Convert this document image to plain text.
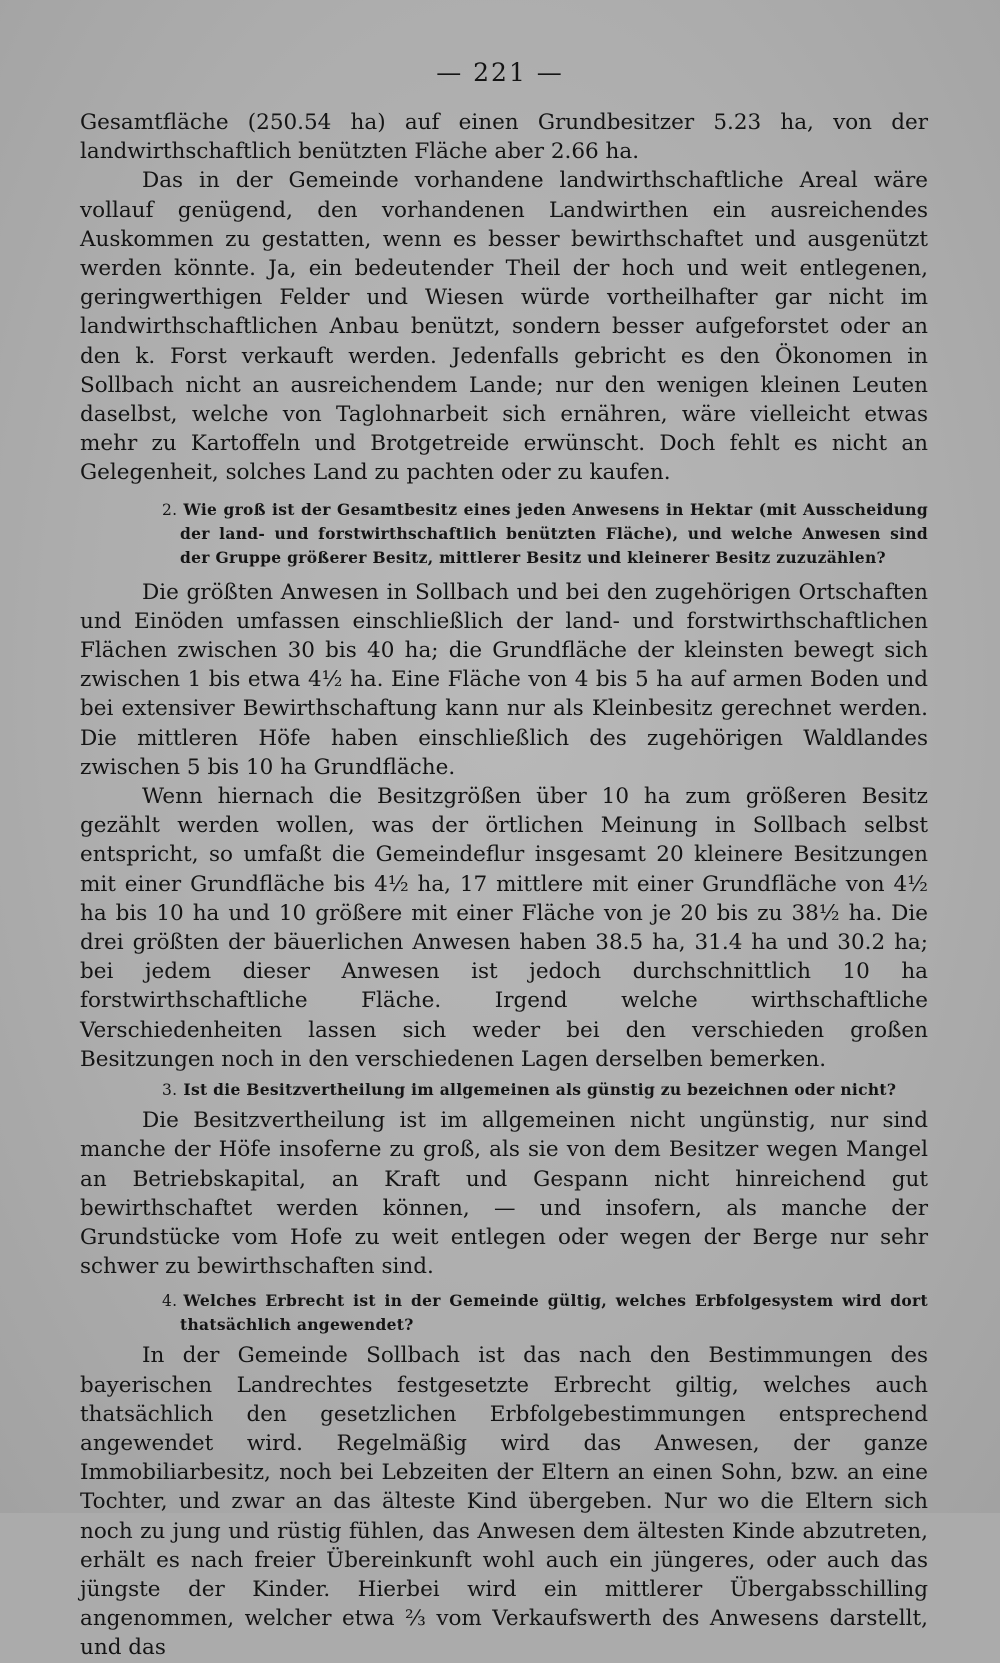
— 221 —

Gesamtfläche (250.54 ha) auf einen Grundbesitzer 5.23 ha, von der landwirthschaftlich benützten Fläche aber 2.66 ha.

Das in der Gemeinde vorhandene landwirthschaftliche Areal wäre vollauf genügend, den vorhandenen Landwirthen ein ausreichendes Auskommen zu gestatten, wenn es besser bewirthschaftet und ausgenützt werden könnte. Ja, ein bedeutender Theil der hoch und weit entlegenen, geringwerthigen Felder und Wiesen würde vortheilhafter gar nicht im landwirthschaftlichen Anbau benützt, sondern besser aufgeforstet oder an den k. Forst verkauft werden. Jedenfalls gebricht es den Ökonomen in Sollbach nicht an ausreichendem Lande; nur den wenigen kleinen Leuten daselbst, welche von Taglohnarbeit sich ernähren, wäre vielleicht etwas mehr zu Kartoffeln und Brotgetreide erwünscht. Doch fehlt es nicht an Gelegenheit, solches Land zu pachten oder zu kaufen.

2. Wie groß ist der Gesamtbesitz eines jeden Anwesens in Hektar (mit Ausscheidung der land- und forstwirthschaftlich benützten Fläche), und welche Anwesen sind der Gruppe größerer Besitz, mittlerer Besitz und kleinerer Besitz zuzuzählen?

Die größten Anwesen in Sollbach und bei den zugehörigen Ortschaften und Einöden umfassen einschließlich der land- und forstwirthschaftlichen Flächen zwischen 30 bis 40 ha; die Grundfläche der kleinsten bewegt sich zwischen 1 bis etwa 4½ ha. Eine Fläche von 4 bis 5 ha auf armen Boden und bei extensiver Bewirthschaftung kann nur als Kleinbesitz gerechnet werden. Die mittleren Höfe haben einschließlich des zugehörigen Waldlandes zwischen 5 bis 10 ha Grundfläche.

Wenn hiernach die Besitzgrößen über 10 ha zum größeren Besitz gezählt werden wollen, was der örtlichen Meinung in Sollbach selbst entspricht, so umfaßt die Gemeindeflur insgesamt 20 kleinere Besitzungen mit einer Grundfläche bis 4½ ha, 17 mittlere mit einer Grundfläche von 4½ ha bis 10 ha und 10 größere mit einer Fläche von je 20 bis zu 38½ ha. Die drei größten der bäuerlichen Anwesen haben 38.5 ha, 31.4 ha und 30.2 ha; bei jedem dieser Anwesen ist jedoch durchschnittlich 10 ha forstwirthschaftliche Fläche. Irgend welche wirthschaftliche Verschiedenheiten lassen sich weder bei den verschieden großen Besitzungen noch in den verschiedenen Lagen derselben bemerken.

3. Ist die Besitzvertheilung im allgemeinen als günstig zu bezeichnen oder nicht?

Die Besitzvertheilung ist im allgemeinen nicht ungünstig, nur sind manche der Höfe insoferne zu groß, als sie von dem Besitzer wegen Mangel an Betriebskapital, an Kraft und Gespann nicht hinreichend gut bewirthschaftet werden können, — und insofern, als manche der Grundstücke vom Hofe zu weit entlegen oder wegen der Berge nur sehr schwer zu bewirthschaften sind.

4. Welches Erbrecht ist in der Gemeinde gültig, welches Erbfolgesystem wird dort thatsächlich angewendet?

In der Gemeinde Sollbach ist das nach den Bestimmungen des bayerischen Landrechtes festgesetzte Erbrecht giltig, welches auch thatsächlich den gesetzlichen Erbfolgebestimmungen entsprechend angewendet wird. Regelmäßig wird das Anwesen, der ganze Immobiliarbesitz, noch bei Lebzeiten der Eltern an einen Sohn, bzw. an eine Tochter, und zwar an das älteste Kind übergeben. Nur wo die Eltern sich noch zu jung und rüstig fühlen, das Anwesen dem ältesten Kinde abzutreten, erhält es nach freier Übereinkunft wohl auch ein jüngeres, oder auch das jüngste der Kinder. Hierbei wird ein mittlerer Übergabsschilling angenommen, welcher etwa ⅔ vom Verkaufswerth des Anwesens darstellt, und das
